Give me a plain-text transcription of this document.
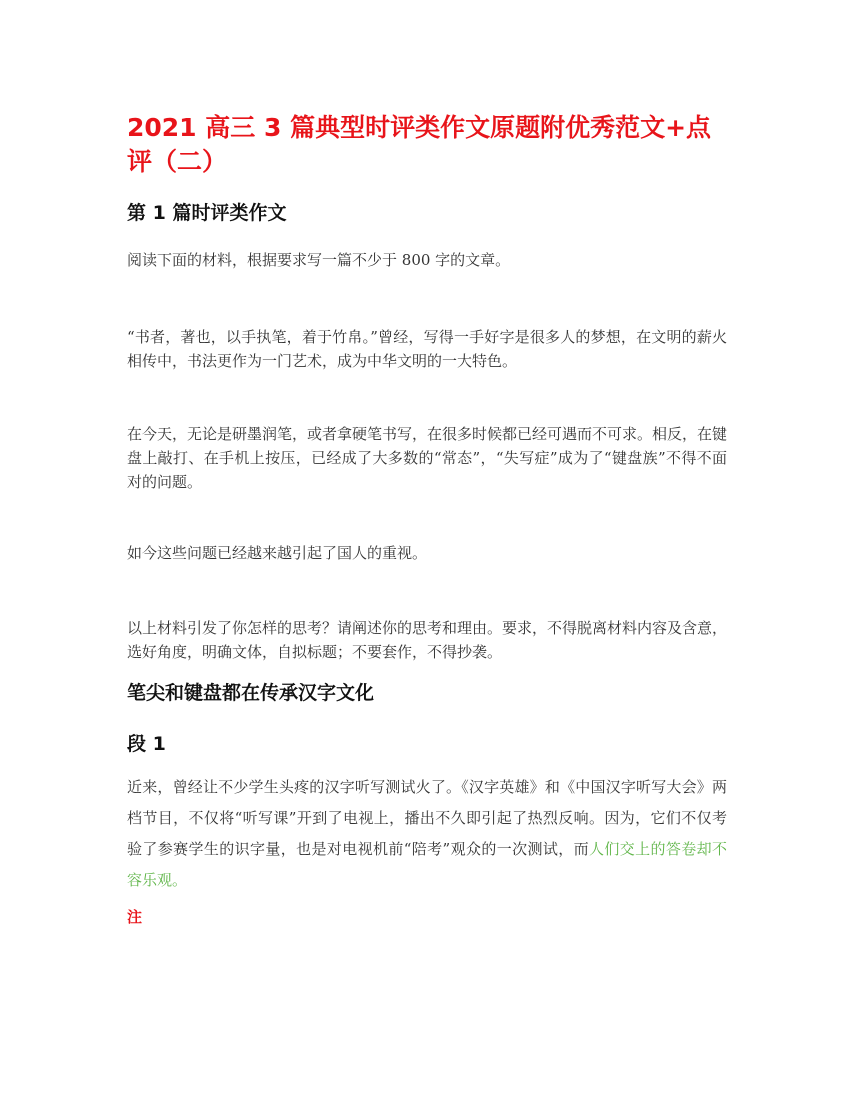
2021 高三 3 篇典型时评类作文原题附优秀范文+点评（二）
第 1 篇时评类作文

阅读下面的材料，根据要求写一篇不少于 800 字的文章。

“书者，著也，以手执笔，着于竹帛。”曾经，写得一手好字是很多人的梦想，在文明的薪火相传中，书法更作为一门艺术，成为中华文明的一大特色。

在今天，无论是研墨润笔，或者拿硬笔书写，在很多时候都已经可遇而不可求。相反，在键盘上敲打、在手机上按压，已经成了大多数的“常态”，“失写症”成为了“键盘族”不得不面对的问题。

如今这些问题已经越来越引起了国人的重视。

以上材料引发了你怎样的思考？请阐述你的思考和理由。要求，不得脱离材料内容及含意，选好角度，明确文体，自拟标题；不要套作，不得抄袭。

笔尖和键盘都在传承汉字文化
段 1

近来，曾经让不少学生头疼的汉字听写测试火了。《汉字英雄》和《中国汉字听写大会》两档节目，不仅将“听写课”开到了电视上，播出不久即引起了热烈反响。因为，它们不仅考验了参赛学生的识字量，也是对电视机前“陪考”观众的一次测试，而人们交上的答卷却不容乐观。

注
